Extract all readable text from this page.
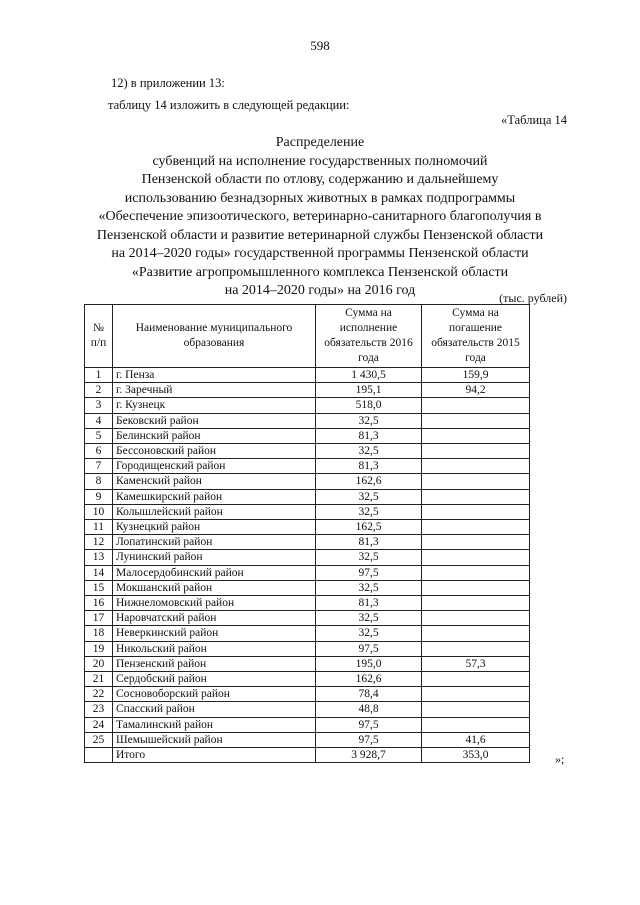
598
12) в приложении 13:
таблицу 14 изложить в следующей редакции:
«Таблица 14
Распределение
субвенций на исполнение государственных полномочий
Пензенской области по отлову, содержанию и дальнейшему
использованию безнадзорных животных в рамках подпрограммы
«Обеспечение эпизоотического, ветеринарно-санитарного благополучия в
Пензенской области и развитие ветеринарной службы Пензенской области
на 2014–2020 годы» государственной программы Пензенской области
«Развитие агропромышленного комплекса Пензенской области
на 2014–2020 годы» на 2016 год	(тыс. рублей)
№ п/п	Наименование муниципального образования	Сумма на исполнение обязательств 2016 года	Сумма на погашение обязательств 2015 года
1	г. Пенза	1 430,5	159,9
2	г. Заречный	195,1	94,2
3	г. Кузнецк	518,0	
4	Бековский район	32,5	
5	Белинский район	81,3	
6	Бессоновский район	32,5	
7	Городищенский район	81,3	
8	Каменский район	162,6	
9	Камешкирский район	32,5	
10	Колышлейский район	32,5	
11	Кузнецкий район	162,5	
12	Лопатинский район	81,3	
13	Лунинский район	32,5	
14	Малосердобинский район	97,5	
15	Мокшанский район	32,5	
16	Нижнеломовский район	81,3	
17	Наровчатский район	32,5	
18	Неверкинский район	32,5	
19	Никольский район	97,5	
20	Пензенский район	195,0	57,3
21	Сердобский район	162,6	
22	Сосновоборский район	78,4	
23	Спасский район	48,8	
24	Тамалинский район	97,5	
25	Шемышейский район	97,5	41,6
	Итого	3 928,7	353,0	»;
